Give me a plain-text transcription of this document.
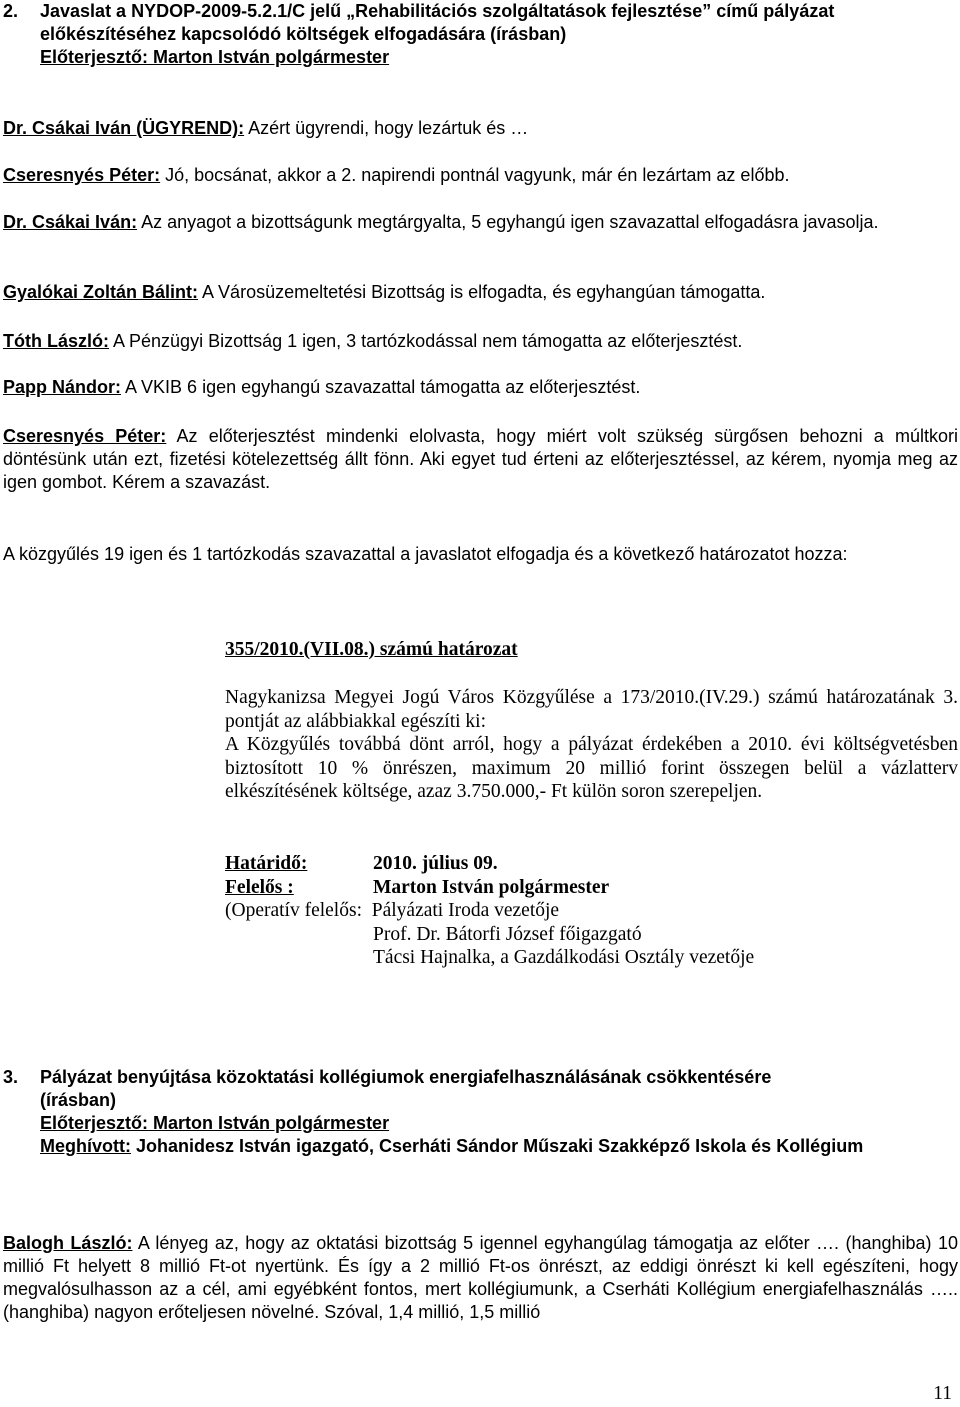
2. Javaslat a NYDOP-2009-5.2.1/C jelű „Rehabilitációs szolgáltatások fejlesztése” című pályázat
előkészítéséhez kapcsolódó költségek elfogadására (írásban)
Előterjesztő: Marton István polgármester

Dr. Csákai Iván (ÜGYREND): Azért ügyrendi, hogy lezártuk és …

Cseresnyés Péter: Jó, bocsánat, akkor a 2. napirendi pontnál vagyunk, már én lezártam az előbb.

Dr. Csákai Iván: Az anyagot a bizottságunk megtárgyalta, 5 egyhangú igen szavazattal elfogadásra javasolja.

Gyalókai Zoltán Bálint: A Városüzemeltetési Bizottság is elfogadta, és egyhangúan támogatta.

Tóth László: A Pénzügyi Bizottság 1 igen, 3 tartózkodással nem támogatta az előterjesztést.

Papp Nándor: A VKIB 6 igen egyhangú szavazattal támogatta az előterjesztést.

Cseresnyés Péter: Az előterjesztést mindenki elolvasta, hogy miért volt szükség sürgősen behozni a múltkori döntésünk után ezt, fizetési kötelezettség állt fönn. Aki egyet tud érteni az előterjesztéssel, az kérem, nyomja meg az igen gombot. Kérem a szavazást.

A közgyűlés 19 igen és 1 tartózkodás szavazattal a javaslatot elfogadja és a következő határozatot hozza:

355/2010.(VII.08.) számú határozat

Nagykanizsa Megyei Jogú Város Közgyűlése a 173/2010.(IV.29.) számú határozatának 3. pontját az alábbiakkal egészíti ki:
A Közgyűlés továbbá dönt arról, hogy a pályázat érdekében a 2010. évi költségvetésben biztosított 10 % önrészen, maximum 20 millió forint összegen belül a vázlatterv elkészítésének költsége, azaz 3.750.000,- Ft külön soron szerepeljen.
Határidő:	2010. július 09.
Felelős :	Marton István polgármester
(Operatív felelős: Pályázati Iroda vezetője
Prof. Dr. Bátorfi József főigazgató
Tácsi Hajnalka, a Gazdálkodási Osztály vezetője
3. Pályázat benyújtása közoktatási kollégiumok energiafelhasználásának csökkentésére
(írásban)
Előterjesztő: Marton István polgármester
Meghívott: Johanidesz István igazgató, Cserháti Sándor Műszaki Szakképző Iskola és Kollégium

Balogh László: A lényeg az, hogy az oktatási bizottság 5 igennel egyhangúlag támogatja az előter …. (hanghiba) 10 millió Ft helyett 8 millió Ft-ot nyertünk. És így a 2 millió Ft-os önrészt, az eddigi önrészt ki kell egészíteni, hogy megvalósulhasson az a cél, ami egyébként fontos, mert kollégiumunk, a Cserháti Kollégium energiafelhasználás ….. (hanghiba) nagyon erőteljesen növelné. Szóval, 1,4 millió, 1,5 millió

11
